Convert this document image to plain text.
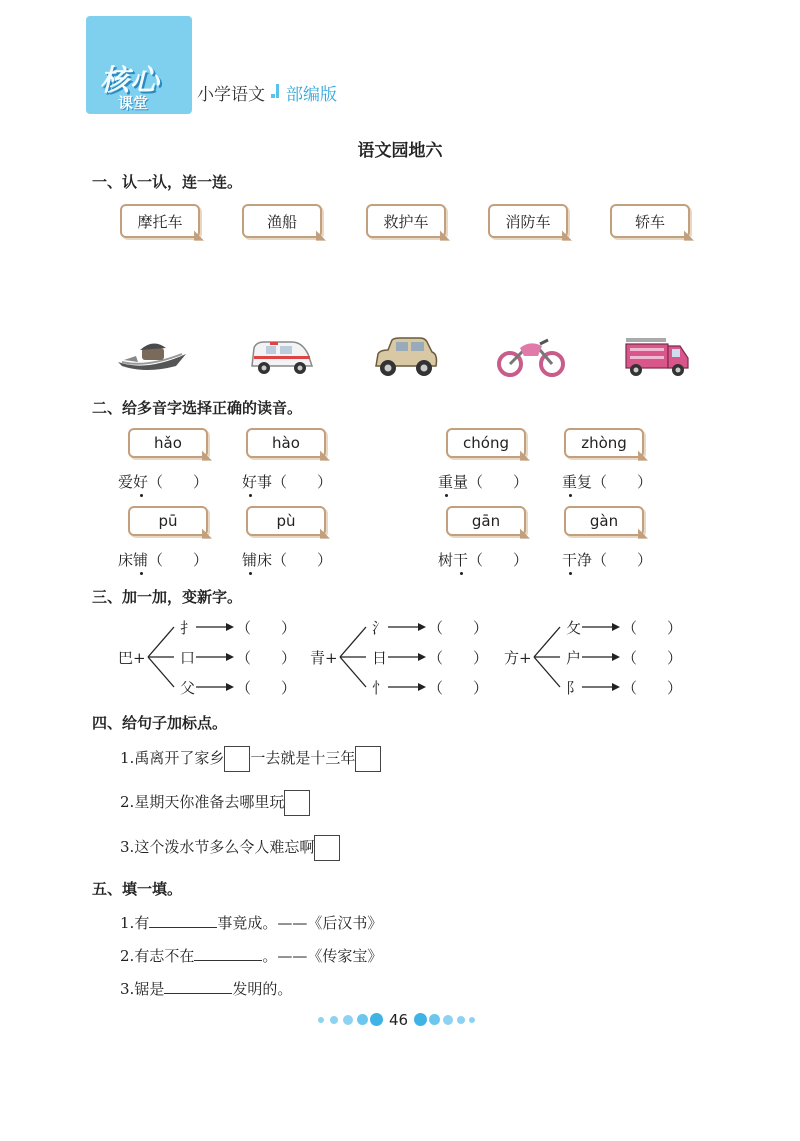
核心
课堂	小学语文 部编版
语文园地六
一、认一认，连一连。
摩托车
◣
渔船
◣
救护车
◣
消防车
◣
轿车
◣
二、给多音字选择正确的读音。
hǎo
◣
hào
◣
chóng
◣
zhòng
◣
爱好（　　） 好事（　　）	重量（　　） 重复（　　）
pū
◣
pù
◣
gān
◣
gàn
◣
床铺（　　） 铺床（　　）	树干（　　） 干净（　　）
三、加一加，变新字。
巴+
扌
口
父
（　　）
（　　）
（　　）
青+
氵
日
忄
（　　）
（　　）
（　　）
方+
攵
户
阝
（　　）
（　　）
（　　）
四、给句子加标点。
1.禹离开了家乡 一去就是十三年
2.星期天你准备去哪里玩
3.这个泼水节多么令人难忘啊
五、填一填。
1.有	事竟成。——《后汉书》
2.有志不在	。——《传家宝》
3.锯是	发明的。
46
